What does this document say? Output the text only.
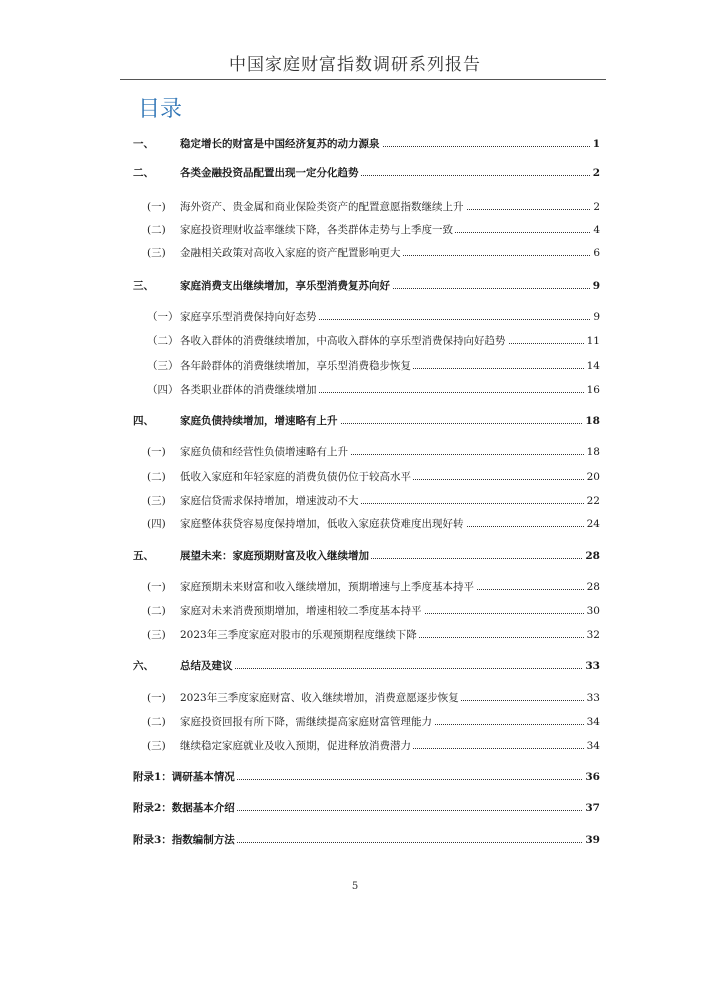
中国家庭财富指数调研系列报告
目录
一、 稳定增长的财富是中国经济复苏的动力源泉	1
二、 各类金融投资品配置出现一定分化趋势	2
(一) 海外资产、贵金属和商业保险类资产的配置意愿指数继续上升	2
(二) 家庭投资理财收益率继续下降，各类群体走势与上季度一致	4
(三) 金融相关政策对高收入家庭的资产配置影响更大	6
三、 家庭消费支出继续增加，享乐型消费复苏向好	9
（一） 家庭享乐型消费保持向好态势	9
（二） 各收入群体的消费继续增加，中高收入群体的享乐型消费保持向好趋势	11
（三） 各年龄群体的消费继续增加，享乐型消费稳步恢复	14
（四） 各类职业群体的消费继续增加	16
四、 家庭负债持续增加，增速略有上升	18
(一) 家庭负债和经营性负债增速略有上升	18
(二) 低收入家庭和年轻家庭的消费负债仍位于较高水平	20
(三) 家庭信贷需求保持增加，增速波动不大	22
(四) 家庭整体获贷容易度保持增加，低收入家庭获贷难度出现好转	24
五、 展望未来：家庭预期财富及收入继续增加	28
(一) 家庭预期未来财富和收入继续增加，预期增速与上季度基本持平	28
(二) 家庭对未来消费预期增加，增速相较二季度基本持平	30
(三) 2023年三季度家庭对股市的乐观预期程度继续下降	32
六、 总结及建议	33
(一) 2023年三季度家庭财富、收入继续增加，消费意愿逐步恢复	33
(二) 家庭投资回报有所下降，需继续提高家庭财富管理能力	34
(三) 继续稳定家庭就业及收入预期，促进释放消费潜力	34
附录1：调研基本情况	36
附录2：数据基本介绍	37
附录3：指数编制方法	39
5
